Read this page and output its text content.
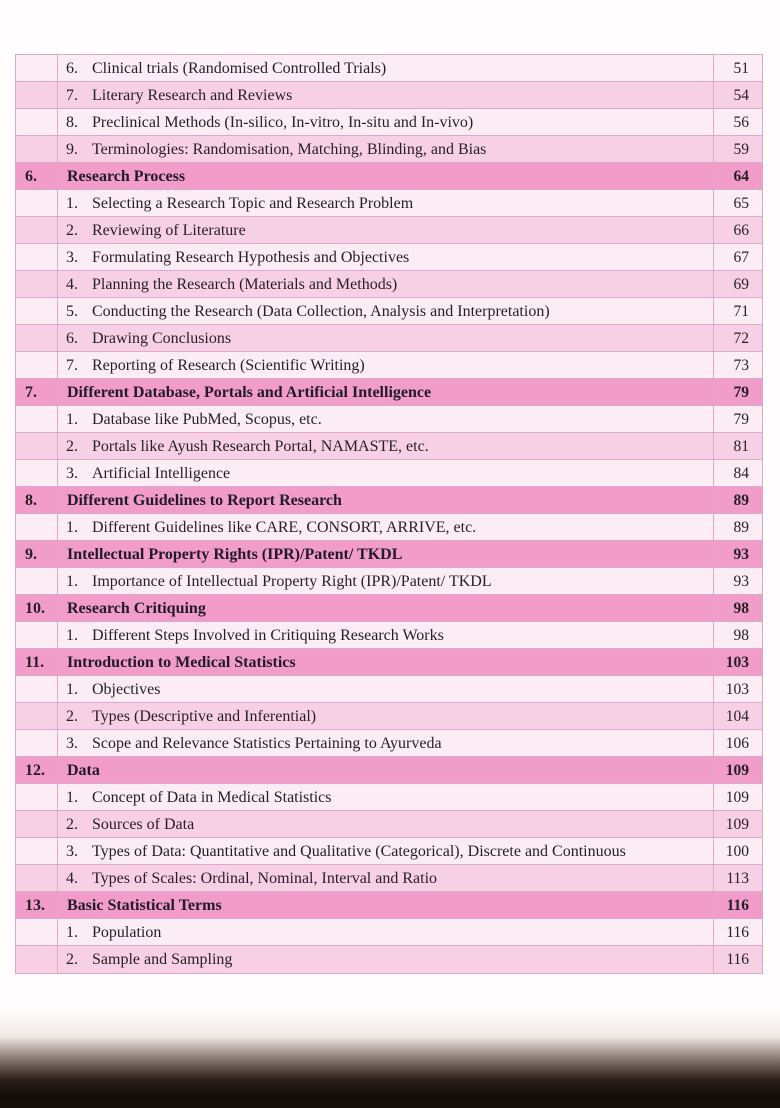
6. Clinical trials (Randomised Controlled Trials)	51
7. Literary Research and Reviews	54
8. Preclinical Methods (In-silico, In-vitro, In-situ and In-vivo)	56
9. Terminologies: Randomisation, Matching, Blinding, and Bias	59
6.	Research Process	64
1. Selecting a Research Topic and Research Problem	65
2. Reviewing of Literature	66
3. Formulating Research Hypothesis and Objectives	67
4. Planning the Research (Materials and Methods)	69
5. Conducting the Research (Data Collection, Analysis and Interpretation)	71
6. Drawing Conclusions	72
7. Reporting of Research (Scientific Writing)	73
7.	Different Database, Portals and Artificial Intelligence	79
1. Database like PubMed, Scopus, etc.	79
2. Portals like Ayush Research Portal, NAMASTE, etc.	81
3. Artificial Intelligence	84
8.	Different Guidelines to Report Research	89
1. Different Guidelines like CARE, CONSORT, ARRIVE, etc.	89
9.	Intellectual Property Rights (IPR)/Patent/ TKDL	93
1. Importance of Intellectual Property Right (IPR)/Patent/ TKDL	93
10.	Research Critiquing	98
1. Different Steps Involved in Critiquing Research Works	98
11.	Introduction to Medical Statistics	103
1. Objectives	103
2. Types (Descriptive and Inferential)	104
3. Scope and Relevance Statistics Pertaining to Ayurveda	106
12.	Data	109
1. Concept of Data in Medical Statistics	109
2. Sources of Data	109
3. Types of Data: Quantitative and Qualitative (Categorical), Discrete and Continuous	100
4. Types of Scales: Ordinal, Nominal, Interval and Ratio	113
13.	Basic Statistical Terms	116
1. Population	116
2. Sample and Sampling	116
